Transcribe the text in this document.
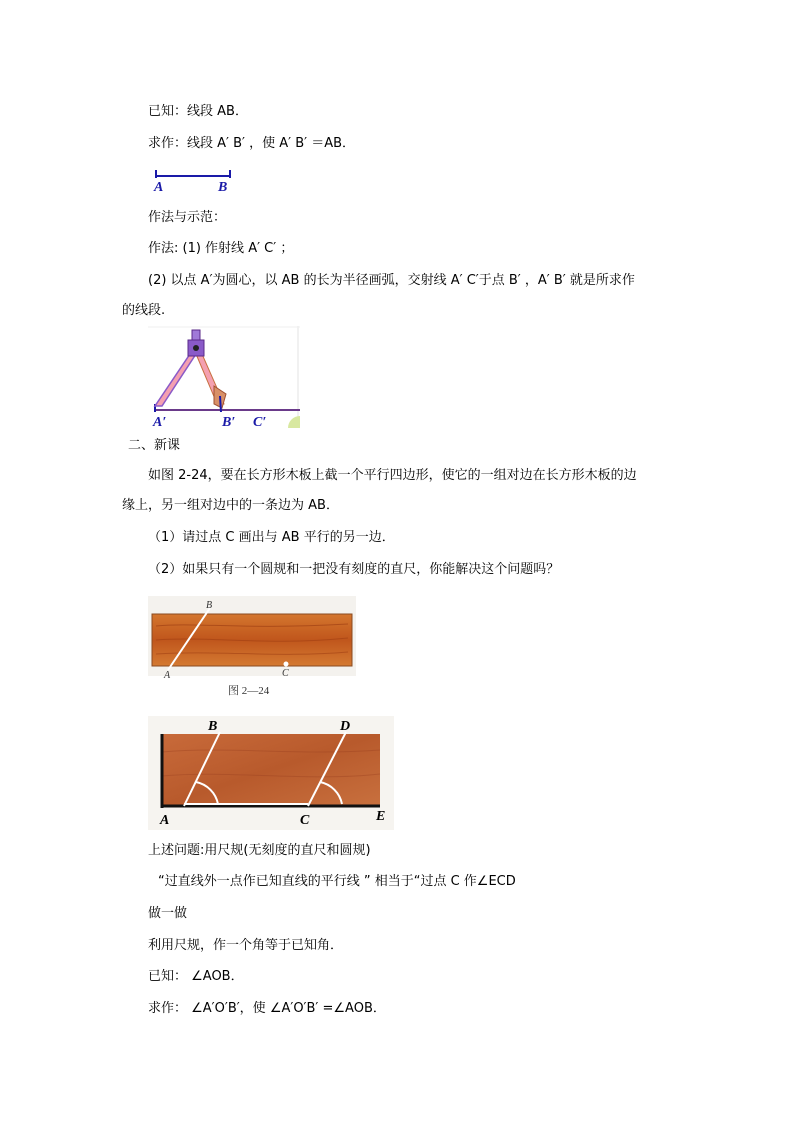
已知：线段 AB．
求作：线段 A′ B′ ，使 A′ B′ ＝AB．
A	B
作法与示范：
作法: (1) 作射线 A′ C′ ；
(2) 以点 A′为圆心，以 AB 的长为半径画弧，交射线 A′ C′于点 B′ ，A′ B′ 就是所求作
的线段.
A′	B′ C′
二、新课
如图 2-24，要在长方形木板上截一个平行四边形，使它的一组对边在长方形木板的边
缘上，另一组对边中的一条边为 AB．
（1）请过点 C 画出与 AB 平行的另一边．
（2）如果只有一个圆规和一把没有刻度的直尺，你能解决这个问题吗？
B
A	C
图 2—24
B	D
A	C	E
上述问题:用尺规(无刻度的直尺和圆规)
“过直线外一点作已知直线的平行线 ” 相当于“过点 C 作∠ECD
做一做
利用尺规，作一个角等于已知角．
已知： ∠AOB．
求作： ∠A′O′B′，使 ∠A′O′B′ =∠AOB．
